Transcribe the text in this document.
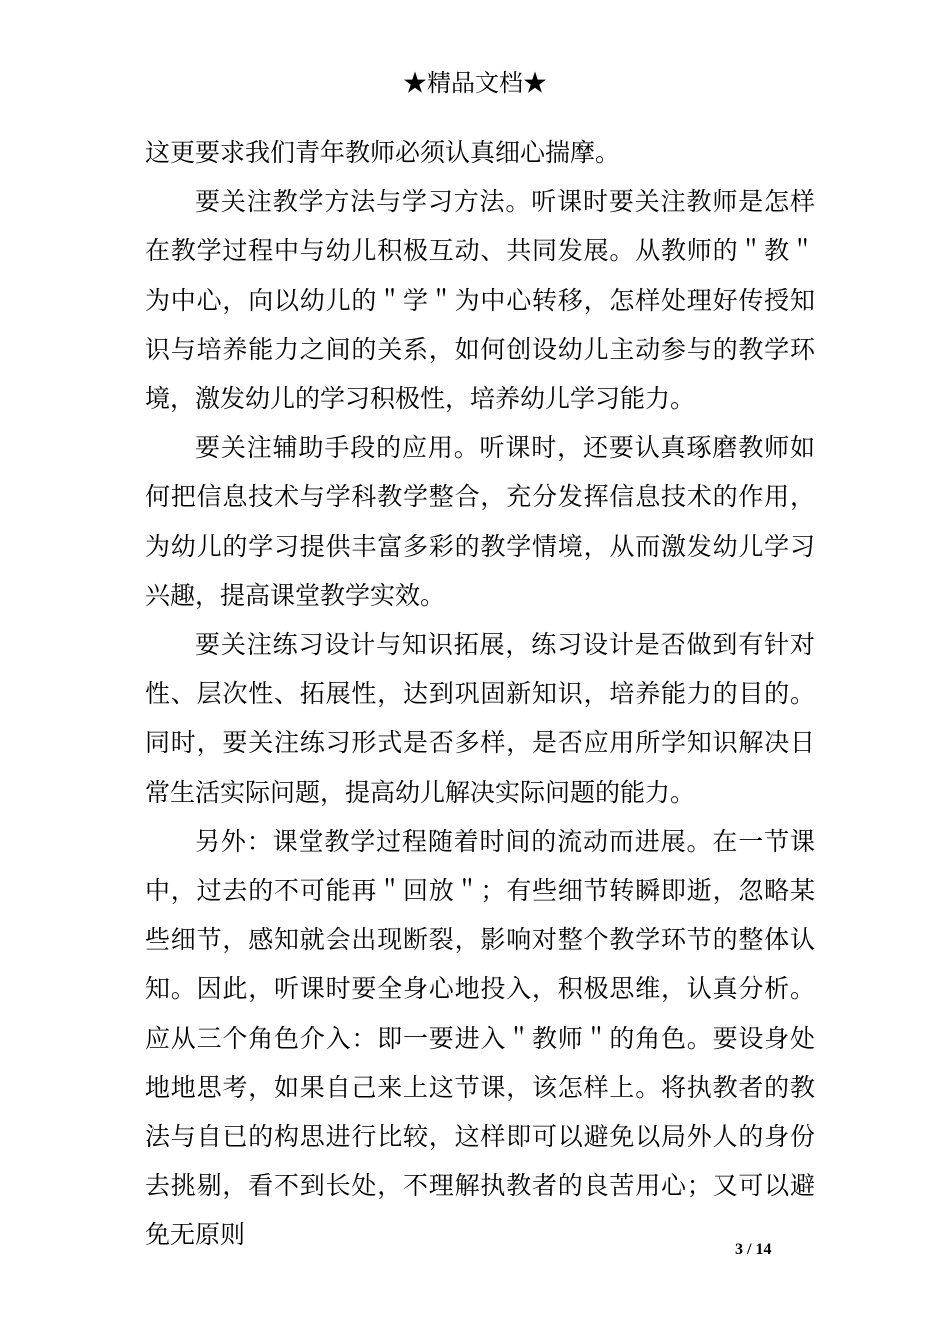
★精品文档★

这更要求我们青年教师必须认真细心揣摩。

要关注教学方法与学习方法。听课时要关注教师是怎样在教学过程中与幼儿积极互动、共同发展。从教师的＂教＂为中心，向以幼儿的＂学＂为中心转移，怎样处理好传授知识与培养能力之间的关系，如何创设幼儿主动参与的教学环境，激发幼儿的学习积极性，培养幼儿学习能力。

要关注辅助手段的应用。听课时，还要认真琢磨教师如何把信息技术与学科教学整合，充分发挥信息技术的作用，为幼儿的学习提供丰富多彩的教学情境，从而激发幼儿学习兴趣，提高课堂教学实效。

要关注练习设计与知识拓展，练习设计是否做到有针对性、层次性、拓展性，达到巩固新知识，培养能力的目的。同时，要关注练习形式是否多样，是否应用所学知识解决日常生活实际问题，提高幼儿解决实际问题的能力。

另外：课堂教学过程随着时间的流动而进展。在一节课中，过去的不可能再＂回放＂；有些细节转瞬即逝，忽略某些细节，感知就会出现断裂，影响对整个教学环节的整体认知。因此，听课时要全身心地投入，积极思维，认真分析。应从三个角色介入：即一要进入＂教师＂的角色。要设身处地地思考，如果自己来上这节课，该怎样上。将执教者的教法与自已的构思进行比较，这样即可以避免以局外人的身份去挑剔，看不到长处，不理解执教者的良苦用心；又可以避免无原则

3 / 14
